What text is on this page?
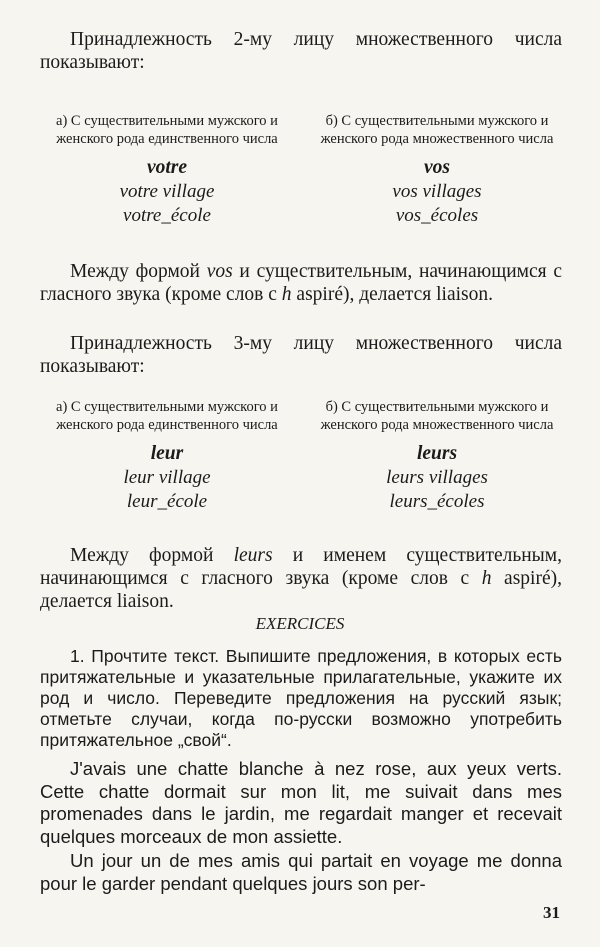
Принадлежность 2-му лицу множественного числа показывают:

а) С существительными мужского и женского рода единственного числа
votre
votre village
votre_école
б) С существительными мужского и женского рода множественного числа
vos
vos villages
vos_écoles

Между формой vos и существительным, начинающимся с гласного звука (кроме слов с h aspiré), делается liaison.

Принадлежность 3-му лицу множественного числа показывают:

а) С существительными мужского и женского рода единственного числа
leur
leur village
leur_école
б) С существительными мужского и женского рода множественного числа
leurs
leurs villages
leurs_écoles

Между формой leurs и именем существительным, начинающимся с гласного звука (кроме слов с h aspiré), делается liaison.

EXERCICES

1. Прочтите текст. Выпишите предложения, в которых есть притяжательные и указательные прилагательные, укажите их род и число. Переведите предложения на русский язык; отметьте случаи, когда по-русски возможно употребить притяжательное „свой“.

J'avais une chatte blanche à nez rose, aux yeux verts. Cette chatte dormait sur mon lit, me suivait dans mes promenades dans le jardin, me regardait manger et recevait quelques morceaux de mon assiette.

Un jour un de mes amis qui partait en voyage me donna pour le garder pendant quelques jours son per-

31
